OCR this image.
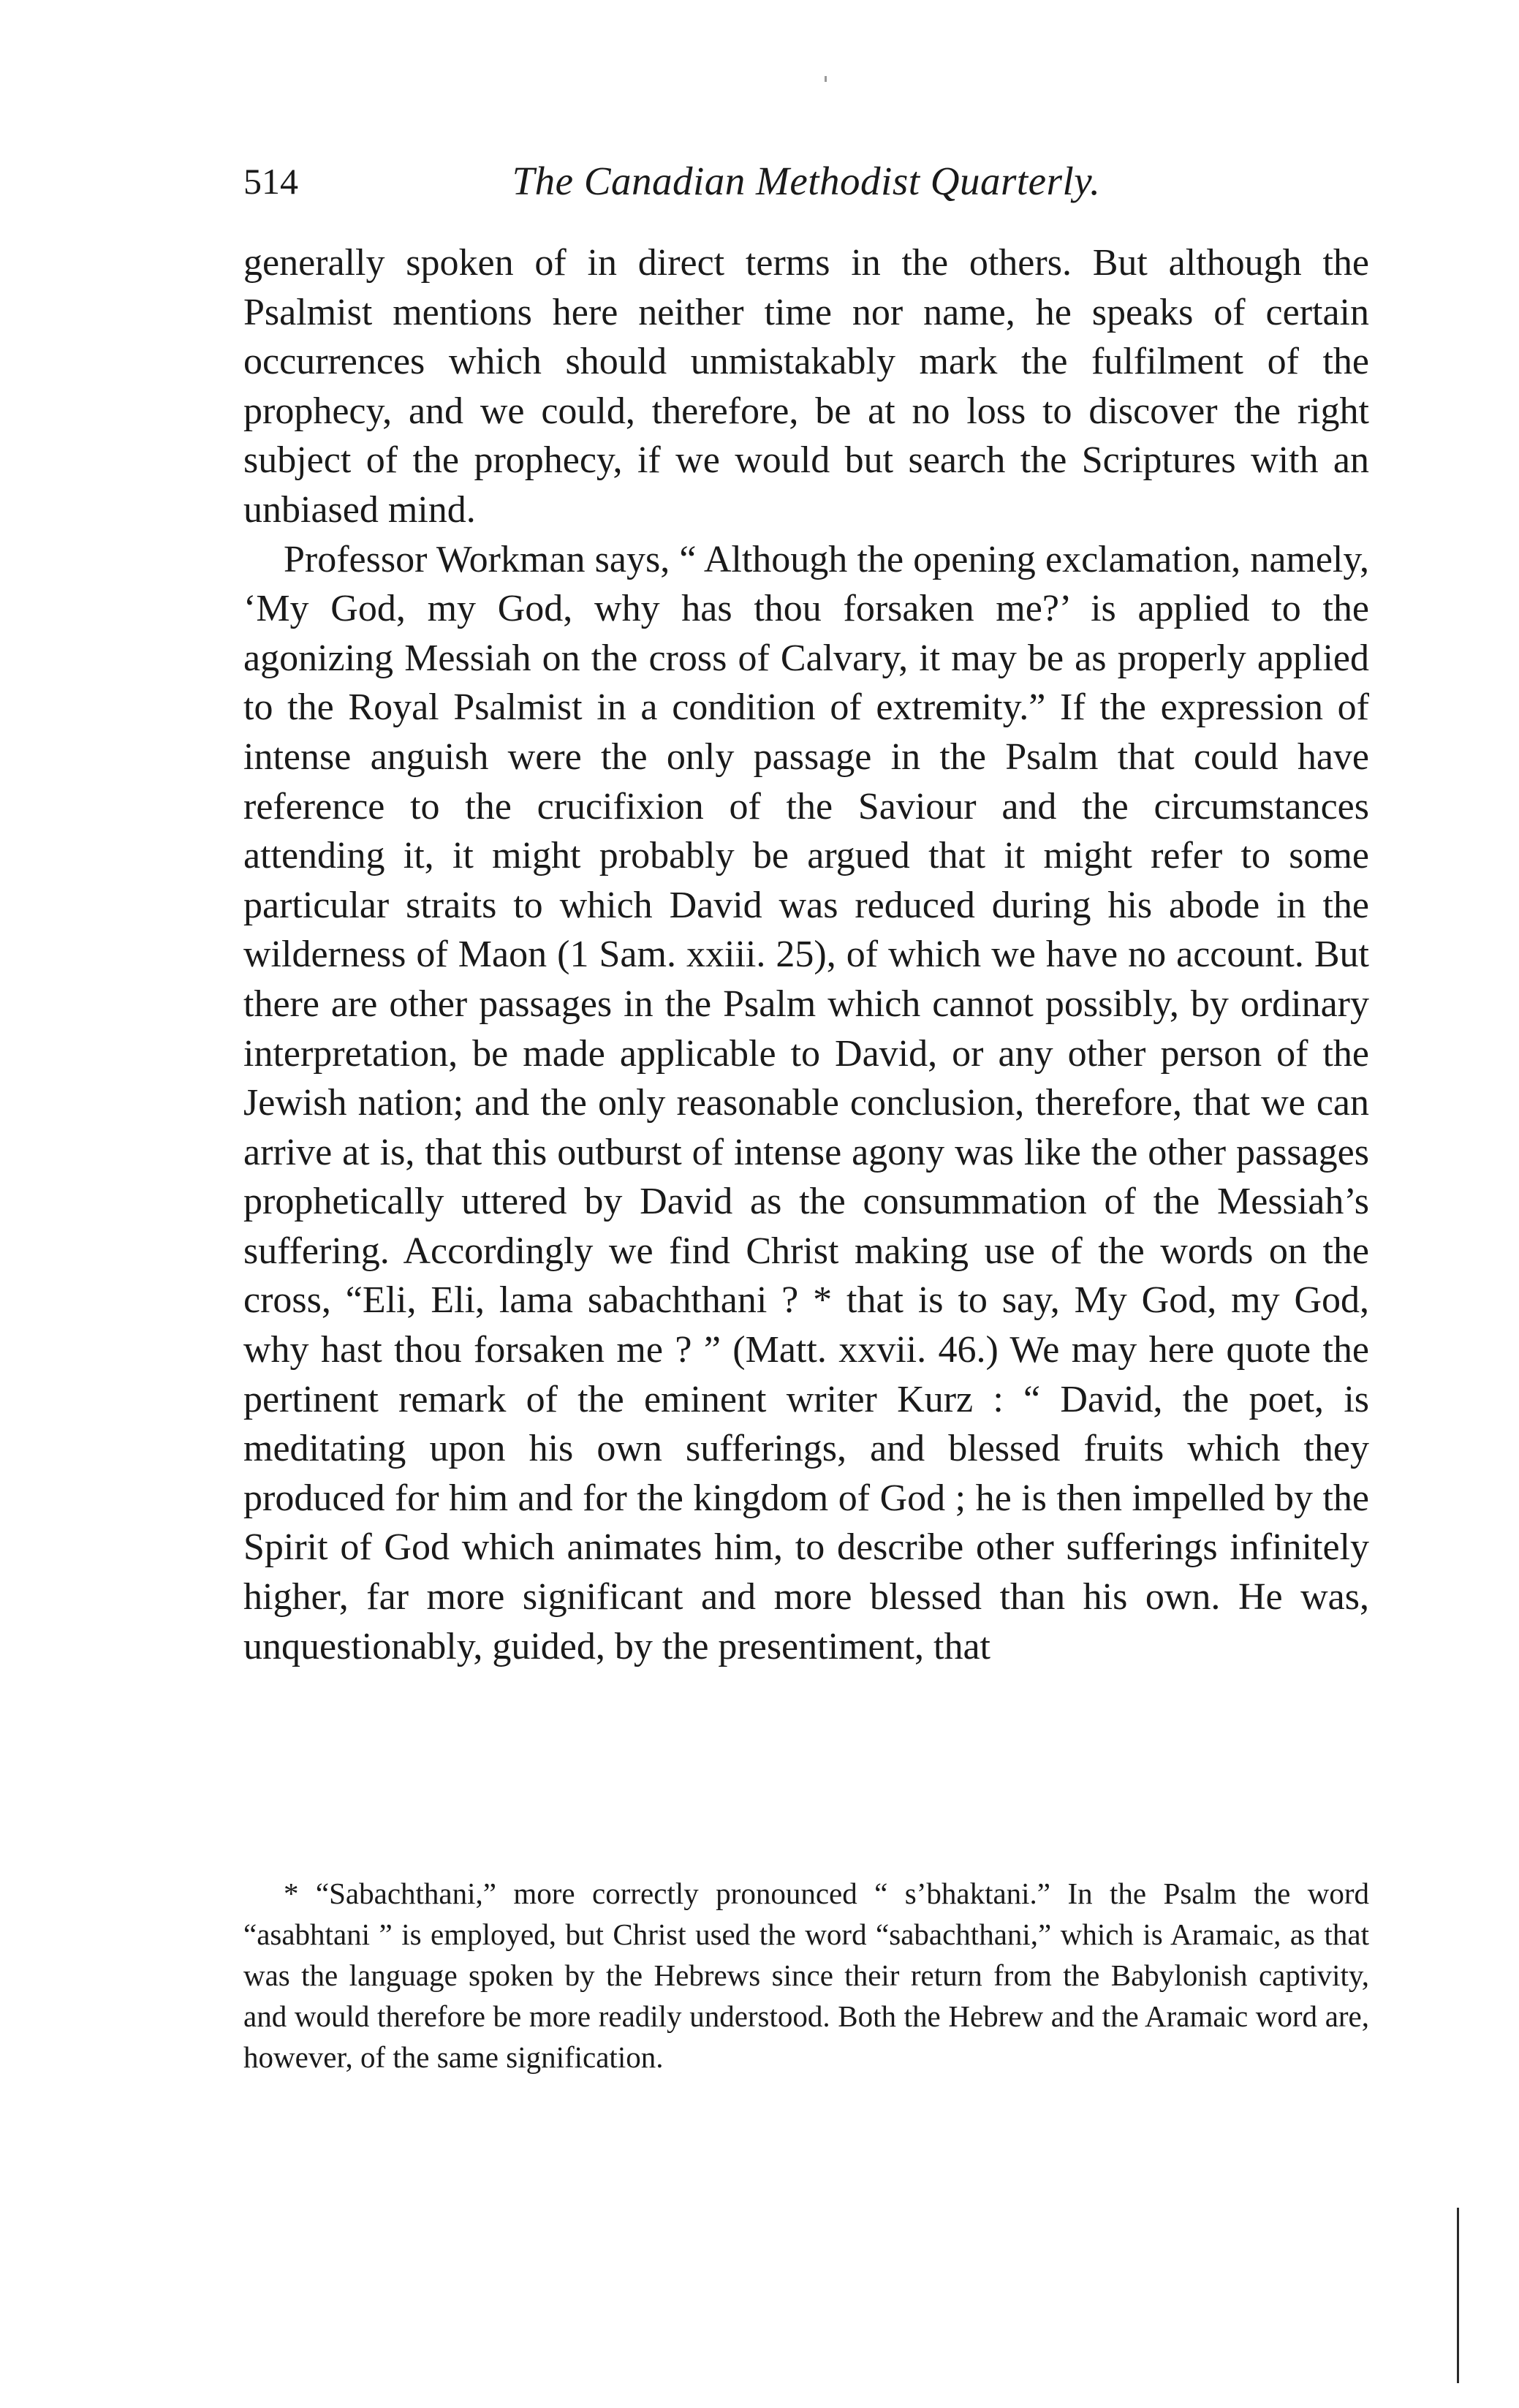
514	The Canadian Methodist Quarterly.

generally spoken of in direct terms in the others. But although the Psalmist mentions here neither time nor name, he speaks of certain occurrences which should unmistakably mark the fulfilment of the prophecy, and we could, therefore, be at no loss to discover the right subject of the prophecy, if we would but search the Scriptures with an unbiased mind.

Professor Workman says, “ Although the opening exclamation, namely, ‘My God, my God, why has thou forsaken me?’ is applied to the agonizing Messiah on the cross of Calvary, it may be as properly applied to the Royal Psalmist in a condition of extremity.” If the expression of intense anguish were the only passage in the Psalm that could have reference to the crucifixion of the Saviour and the circumstances attending it, it might probably be argued that it might refer to some particular straits to which David was reduced during his abode in the wilderness of Maon (1 Sam. xxiii. 25), of which we have no account. But there are other passages in the Psalm which cannot possibly, by ordinary interpretation, be made applicable to David, or any other person of the Jewish nation; and the only reasonable conclusion, therefore, that we can arrive at is, that this outburst of intense agony was like the other passages prophetically uttered by David as the consummation of the Messiah’s suffering. Accordingly we find Christ making use of the words on the cross, “Eli, Eli, lama sabachthani ? * that is to say, My God, my God, why hast thou forsaken me ? ” (Matt. xxvii. 46.) We may here quote the pertinent remark of the eminent writer Kurz : “ David, the poet, is meditating upon his own sufferings, and blessed fruits which they produced for him and for the kingdom of God ; he is then impelled by the Spirit of God which animates him, to describe other sufferings infinitely higher, far more significant and more blessed than his own. He was, unquestionably, guided, by the presentiment, that

* “Sabachthani,” more correctly pronounced “ s’bhaktani.” In the Psalm the word “asabhtani ” is employed, but Christ used the word “sabachthani,” which is Aramaic, as that was the language spoken by the Hebrews since their return from the Babylonish captivity, and would therefore be more readily understood. Both the Hebrew and the Aramaic word are, however, of the same signification.
